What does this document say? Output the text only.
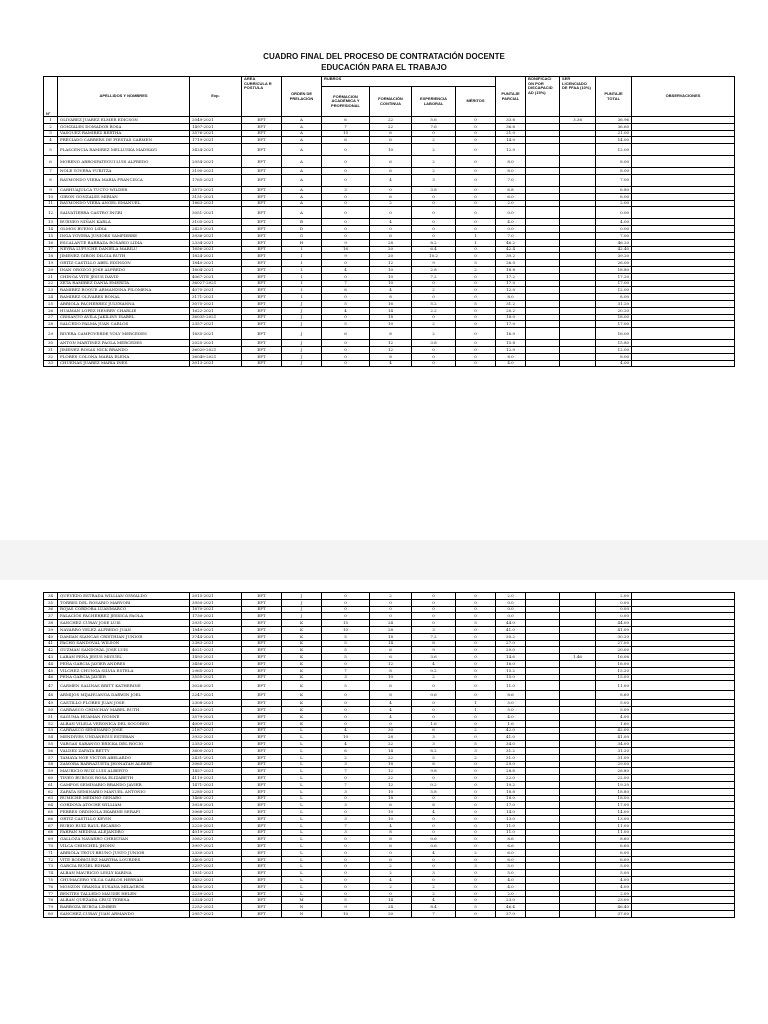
CUADRO FINAL DEL PROCESO DE CONTRATACIÓN DOCENTE
EDUCACIÓN PARA EL TRABAJO
N°	APELLIDOS Y NOMBRES	Exp.	AREA CURRICULA R POSTULA	ORDEN DE PRELACION	RUBROS				PUNTAJE PARCIAL	BONIFICACI ON POR DISCAPACID AD (15%)	SER LICENCIADO DE FFAA (10%)	PUNTAJE TOTAL	OBSERVACIONES
					FORMACION ACADÉMICA Y PROFESIONAL	FORMACIÓN CONTINUA	EXPERIENCIA LABORAL	MÉRITOS					
1	OLIVAREZ JUAREZ ELMER EDICSON	2049-2021	EPT	A	6	22	5.6	0	33.6		3.36	36.96	
2	GONZALES DOMADOR ROSA	1497-2021	EPT	A	7	22	7.6	0	36.6			36.60	
3	VASQUEZ RAMIREZ BERTHA	3576-2021	EPT	A	15	6	0	0	21.0			21.00	
4	PRECIADO CARRERS DE FIESTAS CARMEN	1719-2021	EPT	A	6	6	2	0	14.0			14.00	
5	PLASCENCIA RAMIREZ MELLUSKA MADHAVI	3424-2021	EPT	A	0	10	2	0	12.0			12.00	
6	MORENO ARROSPATEGUI LUIS ALFREDO	2054-2021	EPT	A	0	6	2	0	8.0			8.00	
7	NOLE YOVERA YURITZA	3190-2021	EPT	A	0	6	2	0	8.0			8.00	
8	RAYMONDO VIERA MARIA FRANCISCA	1765-2021	EPT	A	0	4	3	0	7.0			7.00	
9	CARHUAJULCA TUCTO WILDER	3573-2021	EPT	A	3	0	3.8	0	6.8			6.80	
10	GIRON GONZALES MIRIAN	3151-2021	EPT	A	0	6	0	0	6.0			6.00	
11	RAYMONDO VIERA ANGEL EMANUEL	1863-2021	EPT	A	0	2	0	0	2.0			2.00	
12	SALVATIERRA CASTRO INGRI	3051-2021	EPT	A	0	0	0	0	0.0			0.00	
13	BURNEO NIÑAN KARLA	3105-2021	EPT	B	0	4	0	0	4.0			4.00	
14	OLMOS BUENO LIDIA	2425-2021	EPT	D	0	0	0	0	0.0			0.00	
15	INGA YOVERA JUNIORS YAMPIERRE	3936-2021	EPT	G	0	6	0	1	7.0			7.00	
16	ESCALANTE BARRAZA ROSARIO LIDIA	2334-2021	EPT	H	9	28	8.2	1	46.2			46.20	
17	NEYRA LUPUCHE DANIELA MARILU	1656-2021	EPT	I	16	20	6.4	0	42.4			42.40	
18	JIMENEZ GIRON DILCIA RUTH	1824-2021	EPT	I	9	20	10.2	0	39.2			39.20	
19	ORTIZ CASTILLO ABEL EDINSON	1840-2021	EPT	I	0	12	9	5	26.0			26.00	
20	INAN OROZCO JOSE ALFREDO	1604-2021	EPT	I	4	10	2.8	2	18.8			18.80	
21	CHINGA VITE JESUS DAVID	4067-2021	EPT	I	0	10	7.2	0	17.2			17.20	
22	ZETA RAMIREZ DANIA EMERITA	36027-2021	EPT	I	7	10	0	0	17.0			17.00	
23	RAMIREZ ROQUE ARMANDINA FILOMENA	4075-2021	EPT	I	6	4	2	0	12.0			12.00	
24	RAMIREZ OLIVARES RONAL	3171-2021	EPT	I	0	8	0	0	8.0			8.00	
25	ARRIOLA PACHERREZ JULYHANNA	3075-2021	EPT	J	5	16	5.2	5	31.2			31.20	
26	HUAMAN LOPEZ HENRRY CHARLIE	1622-2021	EPT	J	4	14	2.2	0	20.2			20.20	
27	CRISANTO AVILA JAKILINY ISABEL	36035-2021	EPT	J	0	18	0	0	18.0			18.00	
28	SALCEDO PALMA JUAN CARLOS	2357-2021	EPT	J	5	10	2	0	17.0			17.00	
29	RIVERA CAMPOVERDE YOLY MERCEDES	1655-2021	EPT	J	6	8	2	0	16.0			16.00	
30	ANTON MARTINEZ PAOLA MERCEDES	2025-2021	EPT	J	0	12	3.8	0	15.8			15.80	
31	JIMENEZ ROSAS NICK BRANDO	36029-2021	EPT	J	0	12	0	0	12.0			12.00	
32	FLORES COLONA MARIA ELENA	36049-2021	EPT	J	0	8	0	0	8.0			8.00	
33	CHUEÑAS JUAREZ MARIA INES	3013-2021	EPT	J	0	4	0	0	4.0			4.00	
34	QUEVEDO ESTRADA WILLIAN OSWALDO	2015-2021	EPT	J	0	2	0	0	2.0			2.00	
35	TORRES DEL ROSARIO MARYORI	3950-2021	EPT	J	0	0	0	0	0.0			0.00	
36	ROJAS CORDOBA LUANMARCO	1870-2021	EPT	J	0	0	0	0	0.0			0.00	
37	PALACIOS PACHERREZ JESSICA PAOLA	1730-2021	EPT	J	0	0	0	0	0.0			0.00	
38	SANCHEZ CURAY JOSE LUIS	2931-2021	EPT	K	15	24	0	5	44.0			44.00	
39	NAVARRO VELEZ ALFREDO JUAN	1849-2021	EPT	K	10	28	3	0	41.0			41.00	
40	DAMIAN SIANCAS CRISTHIAN JUNIOR	3744-2021	EPT	K	5	18	7.2	0	30.2			30.20	
41	FACHO SANDOVAL WILSON	2383-2021	EPT	K	5	14	8	0	27.0			27.00	
42	GUZMAN SANDOVAL JOSE LUIS	4021-2021	EPT	K	5	6	9	0	20.0			20.00	
43	LABAN PEÑA JESUS MIGUEL	1493-2021	EPT	K	5	6	3.6	0	14.6		1.46	16.06	
44	PEÑA GARCIA JAVIER ANDRES	3456-2021	EPT	K	0	12	4	0	16.0			16.00	
45	VILCHEZ CHUNGA SILVIA ESTELA	2965-2021	EPT	K	7	8	0.2	0	15.2			15.20	
46	PEÑA GARCIA JAVIER	3555-2021	EPT	K	3	10	2	0	15.0			15.00	
47	CARMEN SALINAS BRITT KATHERINE	3026-2021	EPT	K	5	6	0	0	11.0			11.00	
48	ARMIJOS MIJAHUANGA DARWIN JOEL	2247-2021	EPT	K	0	8	0.6	0	8.6			8.60	
49	CASTILLO FLORES JUAN JOSE	2308-2021	EPT	K	0	4	0	1	5.0			5.00	
50	CARRASCO CHINCHAY MABEL RUTH	4023-2021	EPT	K	0	4	0	1	5.0			5.00	
51	SAGUMA HUAMAN IVONNE	3579-2021	EPT	K	0	4	0	0	4.0			4.00	
52	ALBAN VILELA VERONICA DEL SOCORRO	4009-2021	EPT	K	0	0	1.6	0	1.6			1.60	
53	CARRASCO SEMINARIO JOSE	2187-2021	EPT	L	4	30	6	2	42.0			42.00	
54	MENDIVES UNDANEGUI ESTEBAN	3932-2021	EPT	L	10	28	3	0	41.0			41.00	
55	VARGAS SARANGO ERICKA DEL ROCIO	2353-2021	EPT	L	4	22	3	5	34.0			34.00	
56	VALDEZ ZAPATA BETTY	3600-2021	EPT	L	6	14	8.2	3	31.2			31.20	
57	TAMAYA NOE VICTOR ABELARDO	2431-2021	EPT	L	2	22	5	2	31.0			31.00	
58	ZAMORA BARRAZUETA JHONATAN ALBERT	3965-2021	EPT	L	3	18	8	0	29.0			29.00	
59	MAURICIO RUIZ LUIS ALBERTO	1457-2021	EPT	L	7	12	9.8	0	28.8			28.80	
60	TINEO BURGOS ROSA ELIZABETH	4119-2021	EPT	L	0	22	0	0	22.0			22.00	
61	CAMPOS SEMINARIO BRANDO JAVIER	1471-2021	EPT	L	7	12	0.2	0	19.2			19.20	
62	ZAPATA SEMINARIO MANUEL ANTONIO	2285-2021	EPT	L	3	10	5.8	0	18.8			18.80	
63	RUMICHE MEDINO GENARO	1466-2021	EPT	L	0	18	0	0	18.0			18.00	
64	CORDOVA ATOCHE WILLIAM	3928-2021	EPT	L	3	6	8	0	17.0			17.00	
65	FEBRES ORDINOLA EKARINE SERAFI	3968-2021	EPT	L	0	10	4	0	14.0			14.00	
66	ORTIZ CASTILLO KEVIN	3038-2021	EPT	L	3	10	0	0	13.0			13.00	
67	RUBIO RUIZ RAUL RICARDO	2220-2021	EPT	L	7	4	0	0	11.0			11.00	
68	FARFAN MEDINA ALEJANDRO	4019-2021	EPT	L	3	8	0	0	11.0			11.00	
69	GALLOZA NAVARRO CHRISTIAN	3082-2021	EPT	L	0	8	0.6	0	8.6			8.60	
70	VILCA CHINCHEL JHONN	3997-2021	EPT	L	0	6	0.6	0	6.6			6.60	
71	ARRIOLA TEGUI BRUNO JUSTO JUNIOR	2330-2021	EPT	L	0	0	4	2	6.0			6.00	
72	VITE RODRIGUEZ MARTHA LOURDES	3405-2021	EPT	L	0	6	0	0	6.0			6.00	
73	GARCIA RUGEL EDHAR	2297-2021	EPT	L	0	2	0	3	5.0			5.00	
74	ALBAN MAURICIO LESLY KARINA	1931-2021	EPT	L	0	2	3	0	5.0			5.00	
75	CHUMACERO VILCA CARLOS HERNAN	3452-2021	EPT	L	0	4	0	0	4.0			4.00	
76	MONZON GRANDA SUSANA MILAGROS	4030-2021	EPT	L	0	2	2	0	4.0			4.00	
77	BENITES TALLEDO MAUDIE HELEN	2239-2021	EPT	L	0	0	2	0	2.0			2.00	
78	ALBAN QUEZADA CRUZ TERESA	2324-2021	EPT	M	5	14	4	0	23.0			23.00	
79	BARBOZA BURGA LIMBER	2252-2021	EPT	N	9	24	8.4	5	46.4			46.40	
80	SANCHEZ CURAY JUAN ARMANDO	2957-2021	EPT	N	10	20	7	0	37.0			37.00	
